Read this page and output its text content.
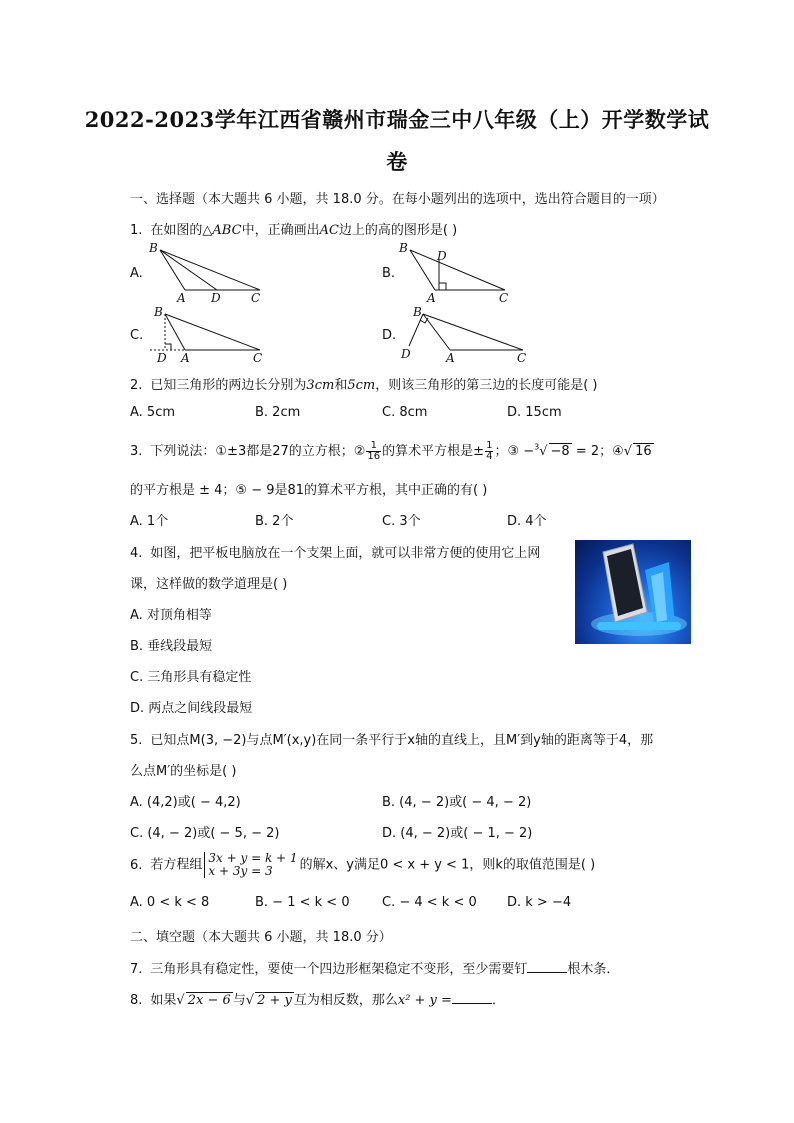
2022-2023学年江西省赣州市瑞金三中八年级（上）开学数学试
卷
一、选择题（本大题共 6 小题，共 18.0 分。在每小题列出的选项中，选出符合题目的一项）
1. 在如图的△ABC中，正确画出AC边上的高的图形是( )
A.
B
A D	C
B.
B
D
A	C
C.
B
D A	C
D.
B
D	A	C
2. 已知三角形的两边长分别为3cm和5cm，则该三角形的第三边的长度可能是( )
A. 5cm	B. 2cm	C. 8cm	D. 15cm
3. 下列说法：①±3都是27的立方根；② $\frac{1}{16}$ 的算术平方根是± $\frac{1}{4}$ ；③ −$^3$√ −8 = 2；④√ 16
的平方根是 ± 4；⑤ − 9是81的算术平方根，其中正确的有( )
A. 1个	B. 2个	C. 3个	D. 4个
4. 如图，把平板电脑放在一个支架上面，就可以非常方便的使用它上网
课，这样做的数学道理是( )
A. 对顶角相等
B. 垂线段最短
C. 三角形具有稳定性
D. 两点之间线段最短
5. 已知点M(3, −2)与点M′(x,y)在同一条平行于x轴的直线上，且M′到y轴的距离等于4，那
么点M′的坐标是( )
A. (4,2)或( − 4,2)	B. (4, − 2)或( − 4, − 2)
C. (4, − 2)或( − 5, − 2)	D. (4, − 2)或( − 1, − 2)
6. 若方程组 3x + y = k + 1
x + 3y = 3	的解x、y满足0 < x + y < 1，则k的取值范围是( )
A. 0 < k < 8	B. − 1 < k < 0 C. − 4 < k < 0 D. k > −4
二、填空题（本大题共 6 小题，共 18.0 分）
7. 三角形具有稳定性，要使一个四边形框架稳定不变形，至少需要钉	根木条．
8. 如果√ 2x − 6 与√ 2 + y 互为相反数，那么x² + y =	．
